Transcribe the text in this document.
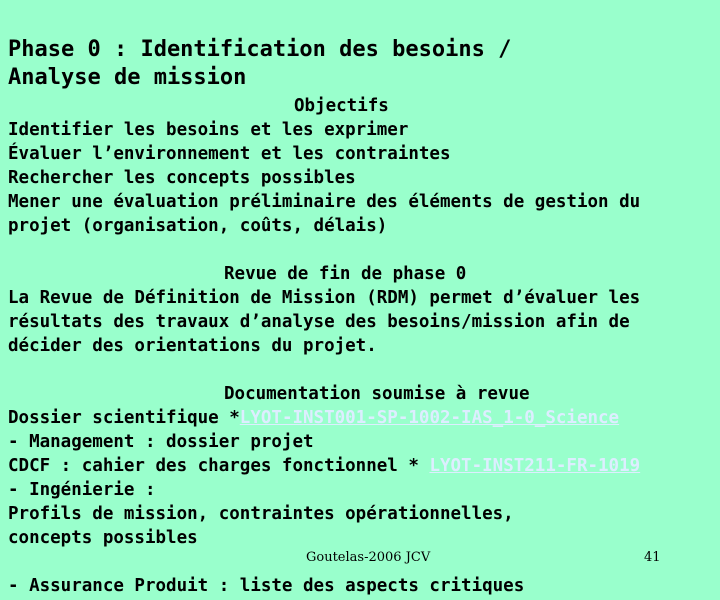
Phase 0 : Identification des besoins /
Analyse de mission
Objectifs
Identifier les besoins et les exprimer
Évaluer l’environnement et les contraintes
Rechercher les concepts possibles
Mener une évaluation préliminaire des éléments de gestion du
projet (organisation, coûts, délais)
Revue de fin de phase 0
La Revue de Définition de Mission (RDM) permet d’évaluer les
résultats des travaux d’analyse des besoins/mission afin de
décider des orientations du projet.
Documentation soumise à revue
Dossier scientifique *LYOT-INST001-SP-1002-IAS_1-0_Science
- Management : dossier projet
CDCF : cahier des charges fonctionnel * LYOT-INST211-FR-1019
- Ingénierie :
Profils de mission, contraintes opérationnelles,
concepts possibles
Goutelas-2006 JCV	41
- Assurance Produit : liste des aspects critiques
